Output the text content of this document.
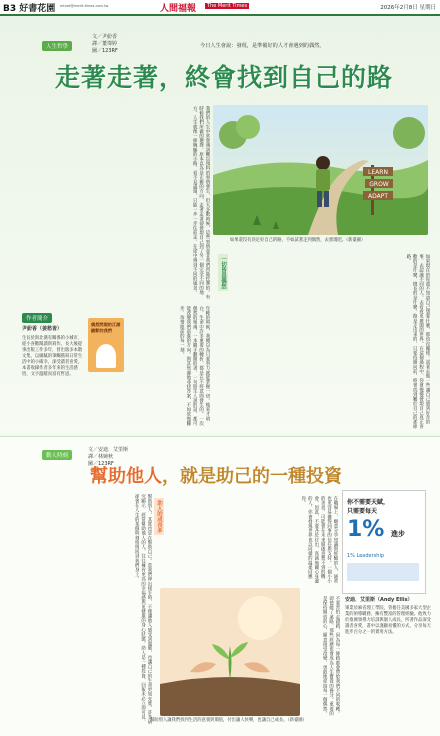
B3 好書花園 mtnet@merit-times.com.tw	人間福報	The Merit Times	2026年2月8日 星期日
人生哲學
文／尹紛香
譯／董瑋婷
圖／123RF
今日人生會說：發現，是準備好的人才會遇到的偶然。
走著走著，終會找到自己的路
LEARN
GROW
ADAPT
如果還沒有決定好自己的路，不如試著走到偶然，去發現吧。（新臺圖）
我們的人生中常會遇到難以預料的事情發生，但大多數時候，這些事情並非我們所能控制的。有時候我們所做的選擇，原本以為是正確的方向，走著走著卻發現自己到了另一個完全不同的地方。人生就像一條蜿蜒的小路，看不見盡頭，只能一步一步往前走，在途中遇到不同的風景。	一切皆是偶然	如果現在的你還不知道自己想要什麼，那也沒關係。試著去做一些讓自己感到好奇的事，去認識不同的人，去看看更廣闊的世界。在這個過程中，你會慢慢發現自己真正喜歡的是什麼，擅長的是什麼。路是走出來的，只要持續向前，終會找到屬於自己的那條路。
年輕的時候，我總以為只要努力就能掌握一切。後來才明白，生命中許多重要的轉折，都是在不經意間發生的。一次偶然的相遇，一本隨手翻開的書，一句陌生人說的話，都可能改變我們前進的方向。與其焦慮地尋找答案，不如放慢腳步，珍惜眼前的每一刻。
作者簡介
尹紛香（姜愁皆）
生長於與北漢有關係的小城市，從小喜歡閱讀與寫作。長大後從事出版工作多年，曾出版多本散文集，以細膩的筆觸描寫日常生活中的小確幸，深受讀者喜愛。本書收錄作者多年來的生活感悟，文字溫暖而富有哲思。
偶然閃現的江湖縮影的我們
動人時刻
文／安迪．艾里斯
譯／林婉秋
圖／123RF
幫助他人，就是助己的一種投資
助人的成長多
幫助別人，其實也是在幫助自己。當我們伸出援手時，不僅讓他人感受到溫暖，也讓自己的生命更加充實。許多研究顯示，經常幫助他人的人，往往擁有更高的幸福感與更健康的身心狀態。助人是一種投資，回報未必立即可見，卻會在人生的某個時刻悄悄回到我們身上。	在職場上，願意分享知識與經驗的人，通常也更容易獲得同事的信任與支持。一個小小的善意，可能會在未來開啟意想不到的機會。因此，不要吝於付出，真誠地關心身邊的人，你會發現世界也以同樣的溫柔回應你。
不要害怕走錯路，因為每一條路都會帶給我們不同的收穫。即使繞了遠路，那些經歷也會成為人生寶貴的養分。重要的是保持開放的心，願意接受改變，勇敢地迎接每一個偶然。
幫助別人讓我們找到生活的意義與價值，付出讓人快樂，也讓自己成長。（新臺圖）
你不需要天賦，
只需要每天
1% 進步
1% Leadership
安迪．艾里斯（Andy Ellis）
畢業於麻省理工學院，曾擔任美國多家大型企業的領導職務，擁有豐富的管理經驗。他致力於推廣領導力培訓與個人成長，所著作品深受讀者喜愛，書中以淺顯易懂的方式，分享每天進步百分之一的實用方法。
